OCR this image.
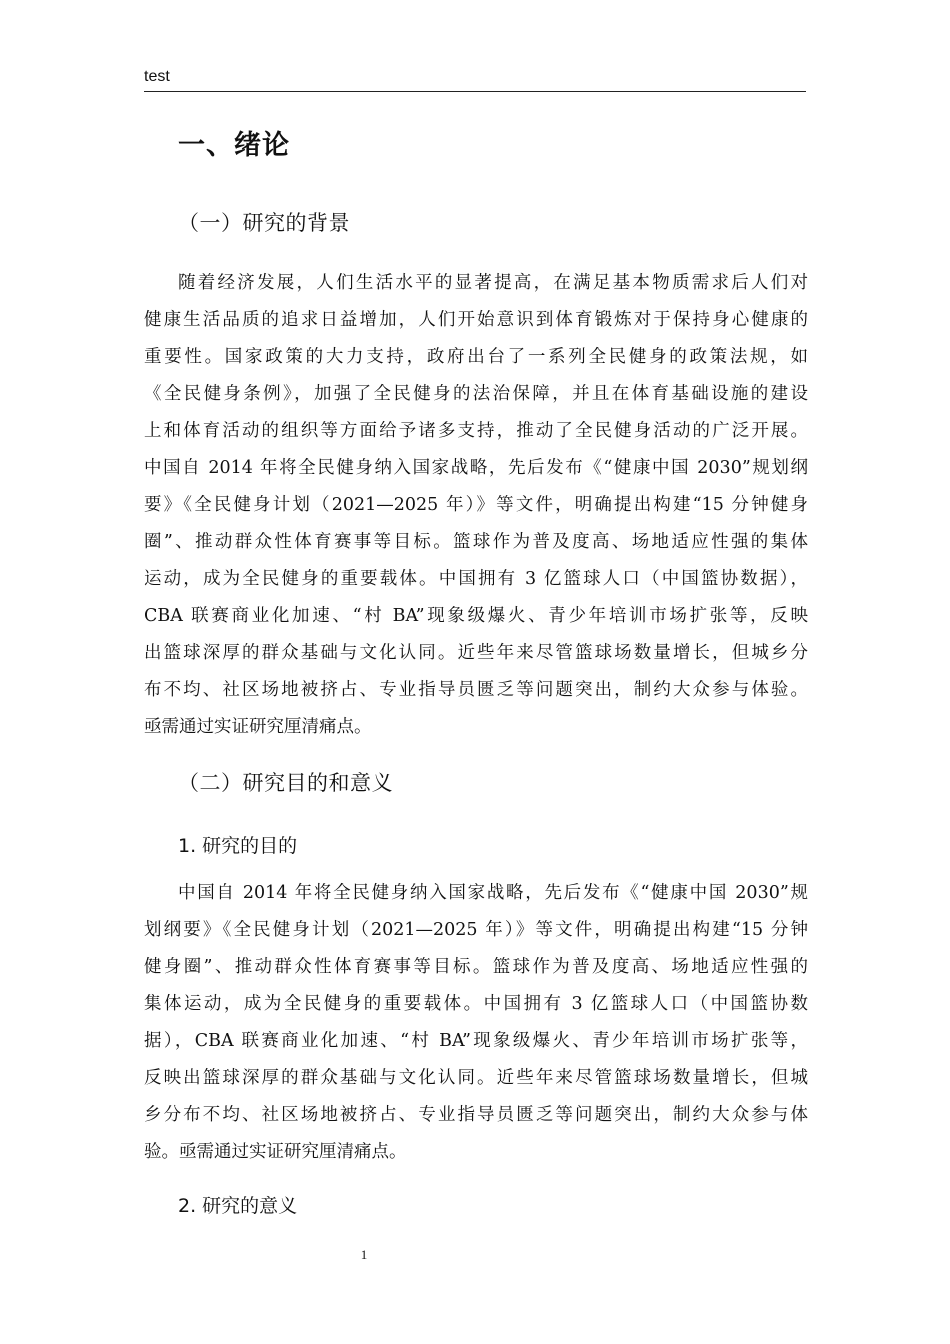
test
一、绪论
（一）研究的背景
随着经济发展，人们生活水平的显著提高，在满足基本物质需求后人们对
健康生活品质的追求日益增加，人们开始意识到体育锻炼对于保持身心健康的
重要性。国家政策的大力支持，政府出台了一系列全民健身的政策法规，如
《全民健身条例》，加强了全民健身的法治保障，并且在体育基础设施的建设
上和体育活动的组织等方面给予诸多支持，推动了全民健身活动的广泛开展。
中国自 2014 年将全民健身纳入国家战略，先后发布《“健康中国 2030”规划纲
要》《全民健身计划（2021—2025 年）》等文件，明确提出构建“15 分钟健身
圈”、推动群众性体育赛事等目标。篮球作为普及度高、场地适应性强的集体
运动，成为全民健身的重要载体。中国拥有 3 亿篮球人口（中国篮协数据），
CBA 联赛商业化加速、“村 BA”现象级爆火、青少年培训市场扩张等，反映
出篮球深厚的群众基础与文化认同。近些年来尽管篮球场数量增长，但城乡分
布不均、社区场地被挤占、专业指导员匮乏等问题突出，制约大众参与体验。
亟需通过实证研究厘清痛点。
（二）研究目的和意义
1. 研究的目的
中国自 2014 年将全民健身纳入国家战略，先后发布《“健康中国 2030”规
划纲要》《全民健身计划（2021—2025 年）》等文件，明确提出构建“15 分钟
健身圈”、推动群众性体育赛事等目标。篮球作为普及度高、场地适应性强的
集体运动，成为全民健身的重要载体。中国拥有 3 亿篮球人口（中国篮协数
据），CBA 联赛商业化加速、“村 BA”现象级爆火、青少年培训市场扩张等，
反映出篮球深厚的群众基础与文化认同。近些年来尽管篮球场数量增长，但城
乡分布不均、社区场地被挤占、专业指导员匮乏等问题突出，制约大众参与体
验。亟需通过实证研究厘清痛点。
2. 研究的意义
1
